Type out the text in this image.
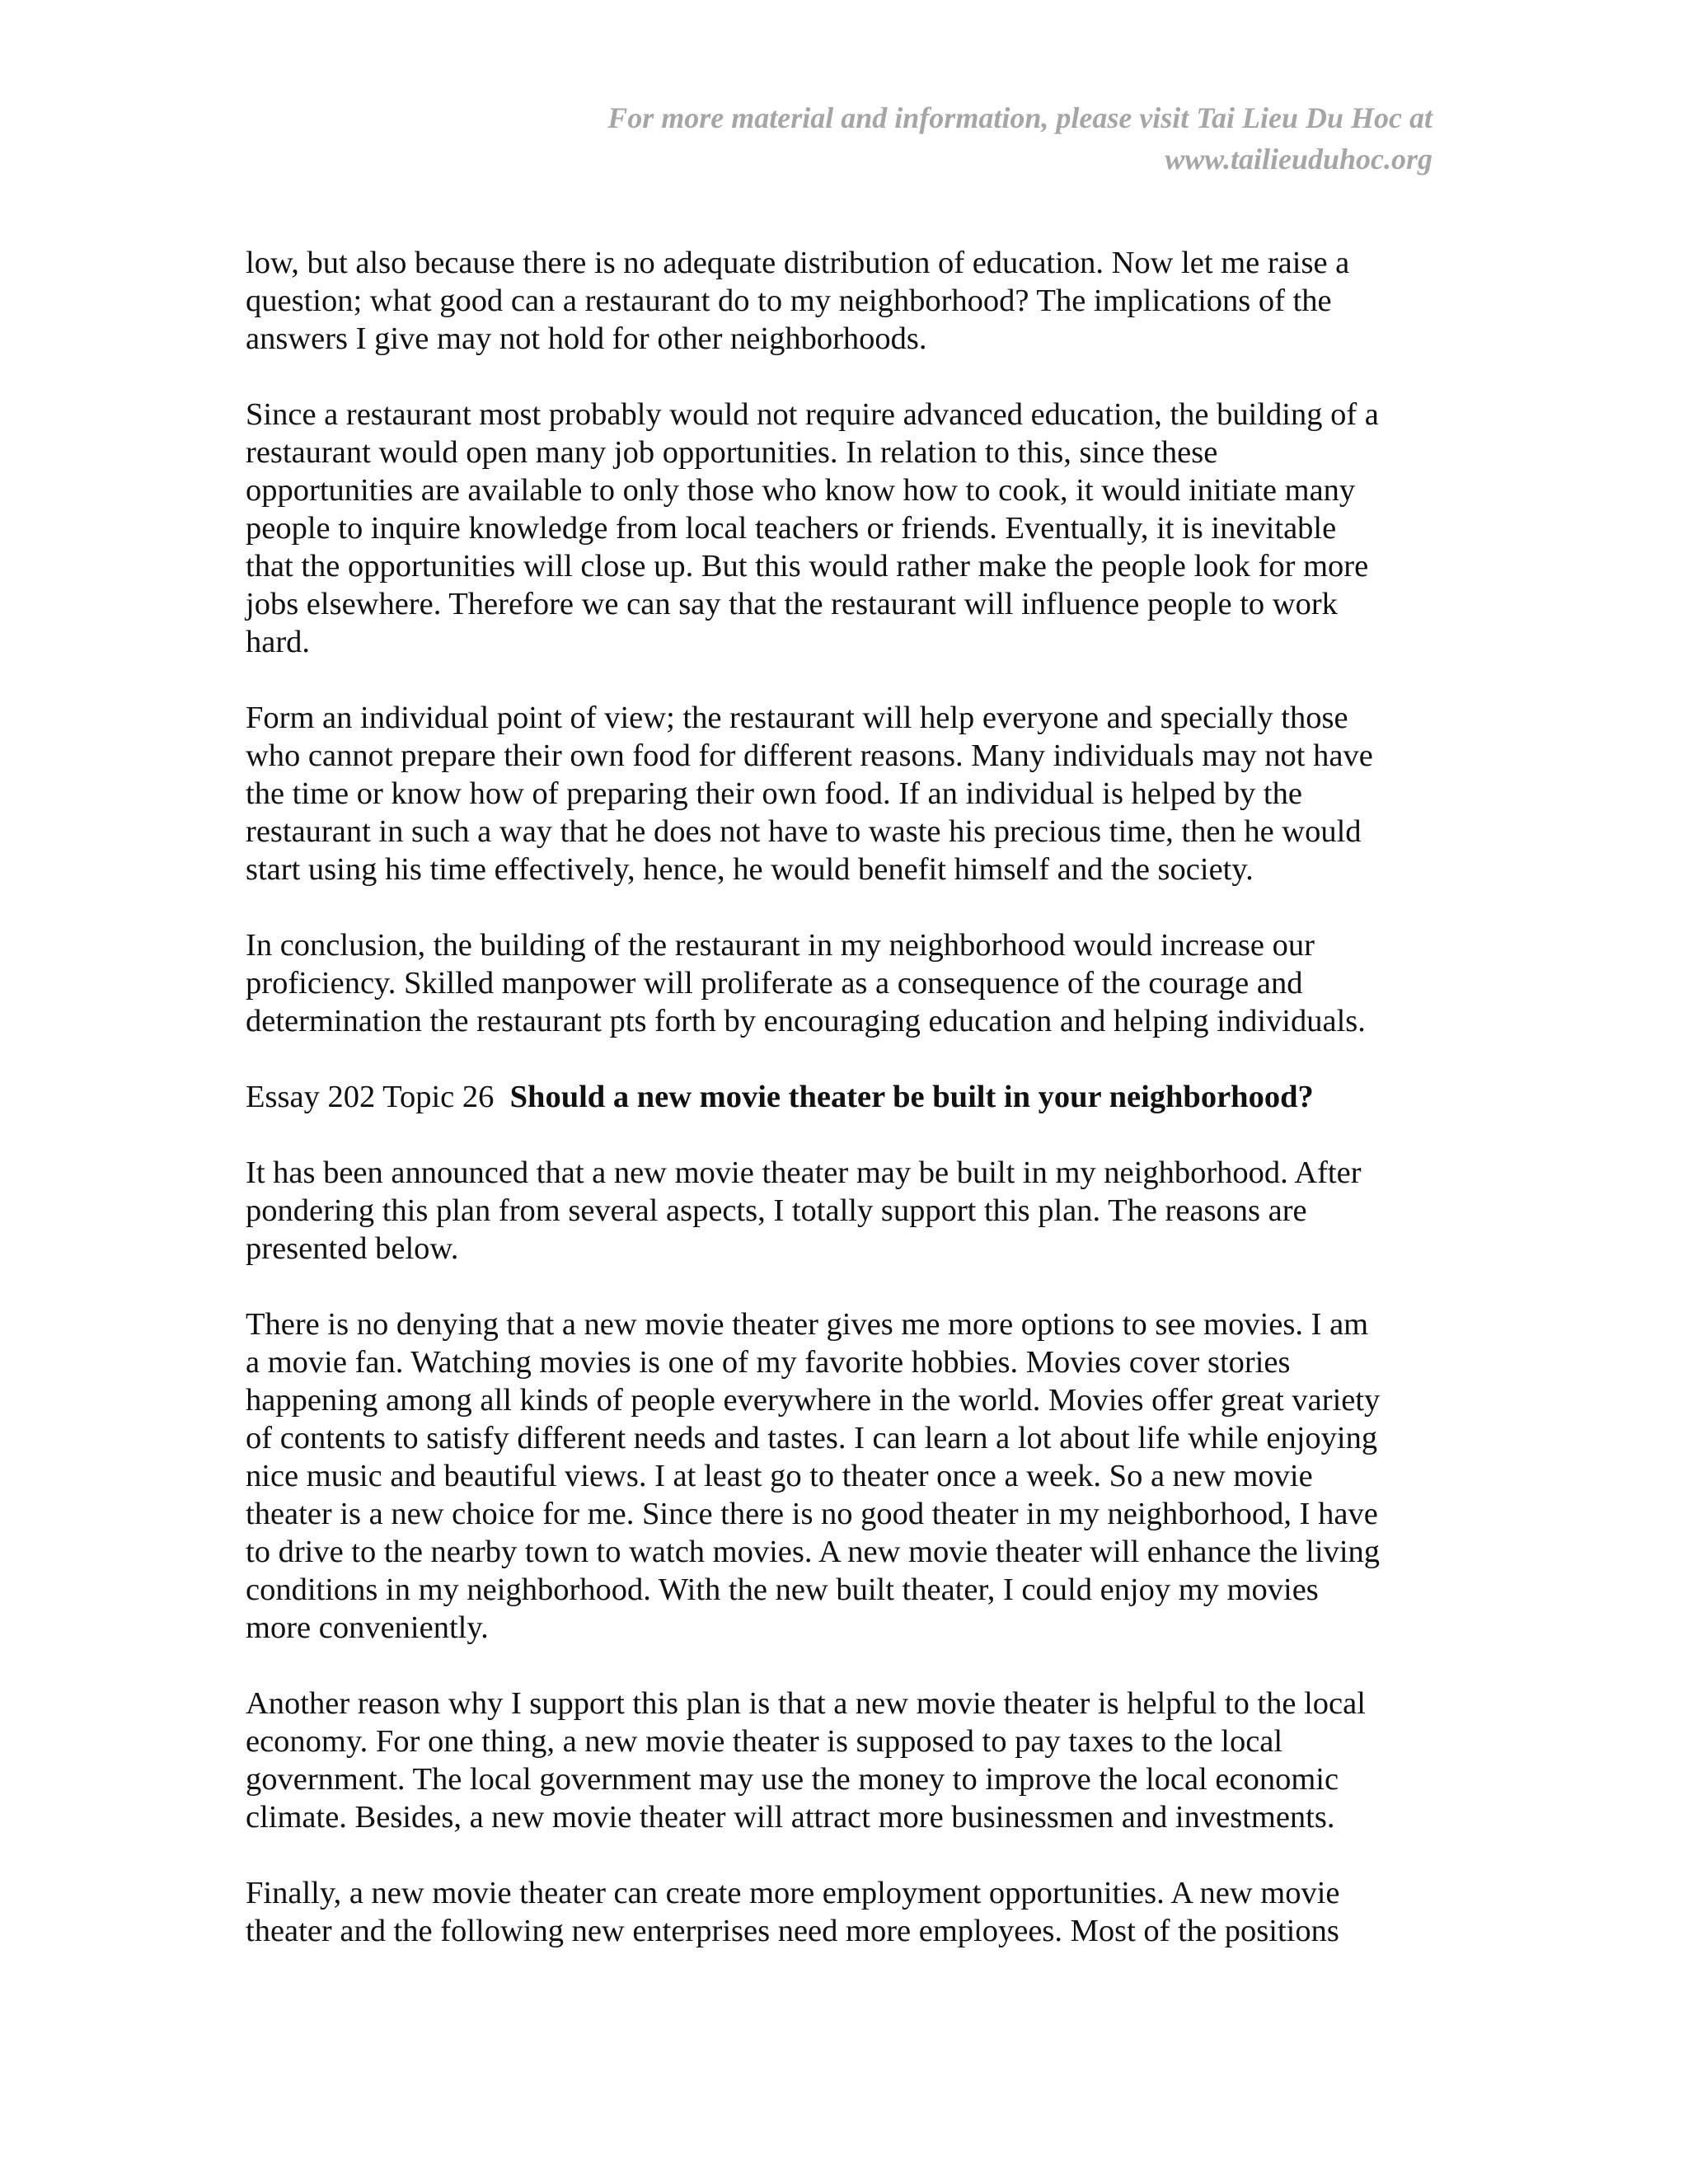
For more material and information, please visit Tai Lieu Du Hoc at
www.tailieuduhoc.org
low, but also because there is no adequate distribution of education. Now let me raise a
question; what good can a restaurant do to my neighborhood? The implications of the
answers I give may not hold for other neighborhoods.
Since a restaurant most probably would not require advanced education, the building of a
restaurant would open many job opportunities. In relation to this, since these
opportunities are available to only those who know how to cook, it would initiate many
people to inquire knowledge from local teachers or friends. Eventually, it is inevitable
that the opportunities will close up. But this would rather make the people look for more
jobs elsewhere. Therefore we can say that the restaurant will influence people to work
hard.
Form an individual point of view; the restaurant will help everyone and specially those
who cannot prepare their own food for different reasons. Many individuals may not have
the time or know how of preparing their own food. If an individual is helped by the
restaurant in such a way that he does not have to waste his precious time, then he would
start using his time effectively, hence, he would benefit himself and the society.
In conclusion, the building of the restaurant in my neighborhood would increase our
proficiency. Skilled manpower will proliferate as a consequence of the courage and
determination the restaurant pts forth by encouraging education and helping individuals.
Essay 202 Topic 26 Should a new movie theater be built in your neighborhood?
It has been announced that a new movie theater may be built in my neighborhood. After
pondering this plan from several aspects, I totally support this plan. The reasons are
presented below.
There is no denying that a new movie theater gives me more options to see movies. I am
a movie fan. Watching movies is one of my favorite hobbies. Movies cover stories
happening among all kinds of people everywhere in the world. Movies offer great variety
of contents to satisfy different needs and tastes. I can learn a lot about life while enjoying
nice music and beautiful views. I at least go to theater once a week. So a new movie
theater is a new choice for me. Since there is no good theater in my neighborhood, I have
to drive to the nearby town to watch movies. A new movie theater will enhance the living
conditions in my neighborhood. With the new built theater, I could enjoy my movies
more conveniently.
Another reason why I support this plan is that a new movie theater is helpful to the local
economy. For one thing, a new movie theater is supposed to pay taxes to the local
government. The local government may use the money to improve the local economic
climate. Besides, a new movie theater will attract more businessmen and investments.
Finally, a new movie theater can create more employment opportunities. A new movie
theater and the following new enterprises need more employees. Most of the positions
